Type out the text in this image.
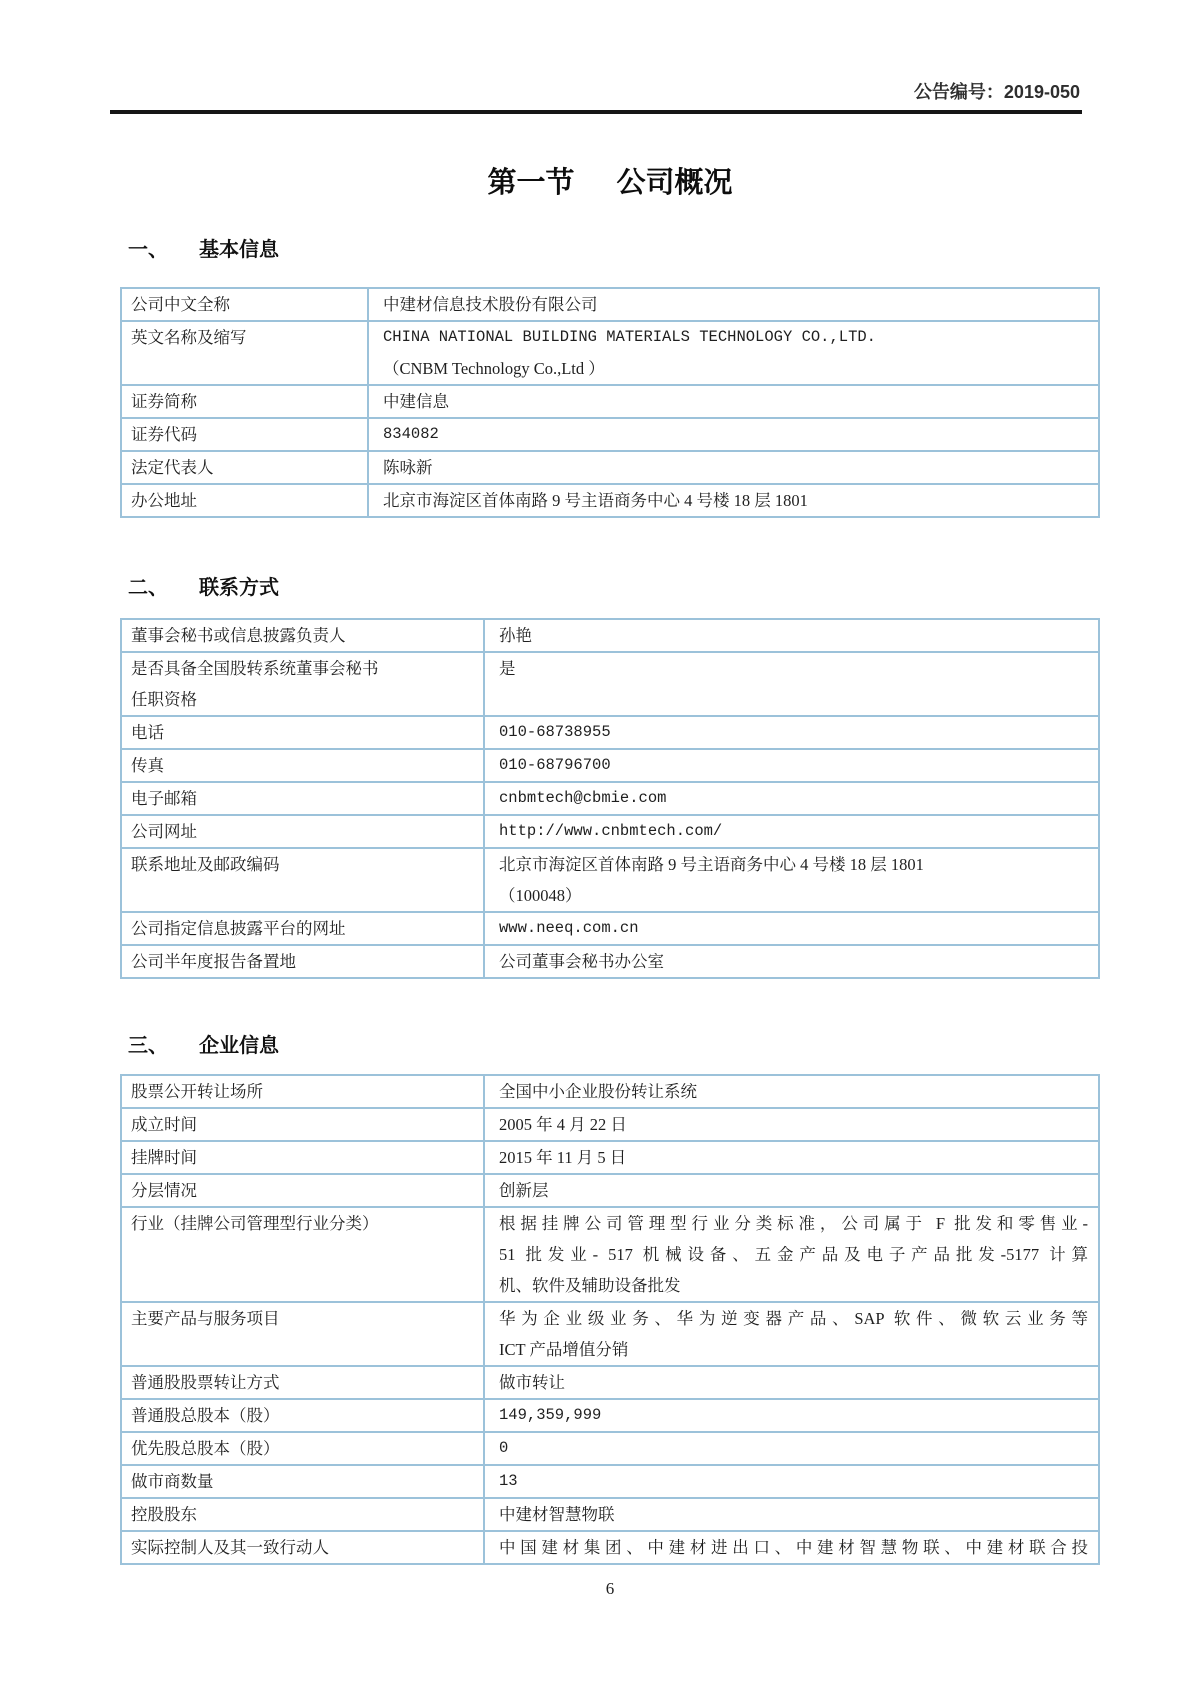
公告编号：2019-050
第一节 公司概况
一、 基本信息
公司中文全称	中建材信息技术股份有限公司

英文名称及缩写	CHINA NATIONAL BUILDING MATERIALS TECHNOLOGY CO.,LTD.
（CNBM Technology Co.,Ltd ）

证券简称	中建信息

证券代码	834082

法定代表人	陈咏新

办公地址	北京市海淀区首体南路 9 号主语商务中心 4 号楼 18 层 1801
二、 联系方式
董事会秘书或信息披露负责人	孙艳

是否具备全国股转系统董事会秘书
任职资格	是

电话	010-68738955

传真	010-68796700

电子邮箱	cnbmtech@cbmie.com

公司网址	http://www.cnbmtech.com/

联系地址及邮政编码	北京市海淀区首体南路 9 号主语商务中心 4 号楼 18 层 1801
（100048）

公司指定信息披露平台的网址	www.neeq.com.cn

公司半年度报告备置地	公司董事会秘书办公室
三、 企业信息
股票公开转让场所	全国中小企业股份转让系统

成立时间	2005 年 4 月 22 日

挂牌时间	2015 年 11 月 5 日

分层情况	创新层

行业（挂牌公司管理型行业分类）	根据挂牌公司管理型行业分类标准，公司属于 F 批发和零售业-
51 批发业- 517 机械设备、五金产品及电子产品批发-5177 计算
机、软件及辅助设备批发

主要产品与服务项目	华为企业级业务、华为逆变器产品、SAP 软件、微软云业务等
ICT 产品增值分销

普通股股票转让方式	做市转让

普通股总股本（股）	149,359,999

优先股总股本（股）	0

做市商数量	13

控股股东	中建材智慧物联

实际控制人及其一致行动人	中国建材集团、中建材进出口、中建材智慧物联、中建材联合投
6
